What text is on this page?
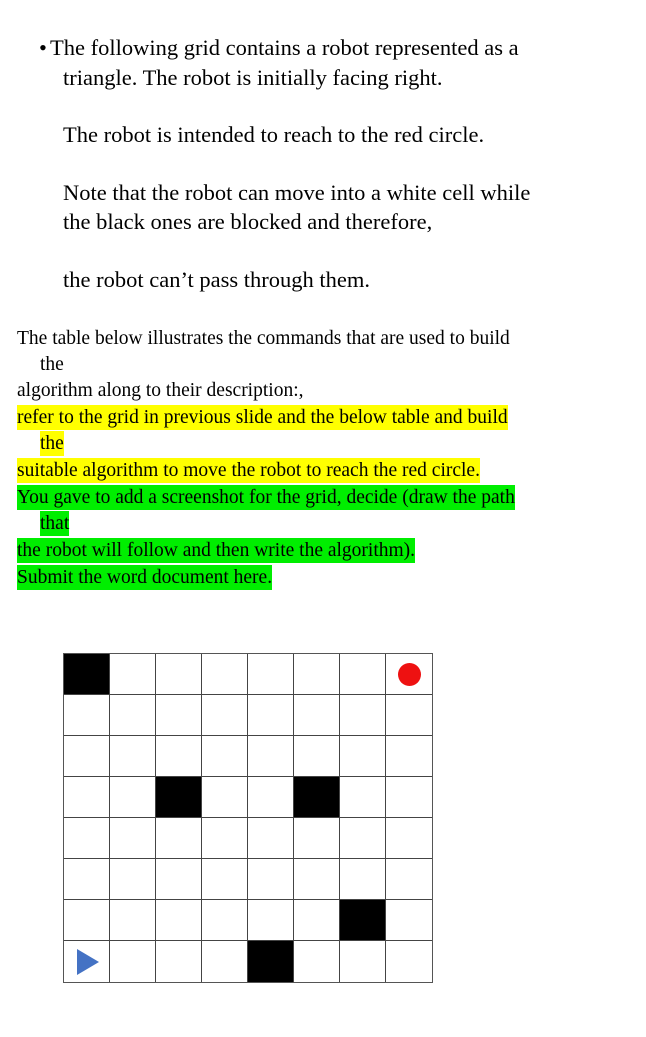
• The following grid contains a robot represented as a
triangle. The robot is initially facing right.
The robot is intended to reach to the red circle.
Note that the robot can move into a white cell while
the black ones are blocked and therefore,
the robot can’t pass through them.
The table below illustrates the commands that are used to build
the
algorithm along to their description:,
refer to the grid in previous slide and the below table and build
the
suitable algorithm to move the robot to reach the red circle.
You gave to add a screenshot for the grid, decide (draw the path
that
the robot will follow and then write the algorithm).
Submit the word document here.
